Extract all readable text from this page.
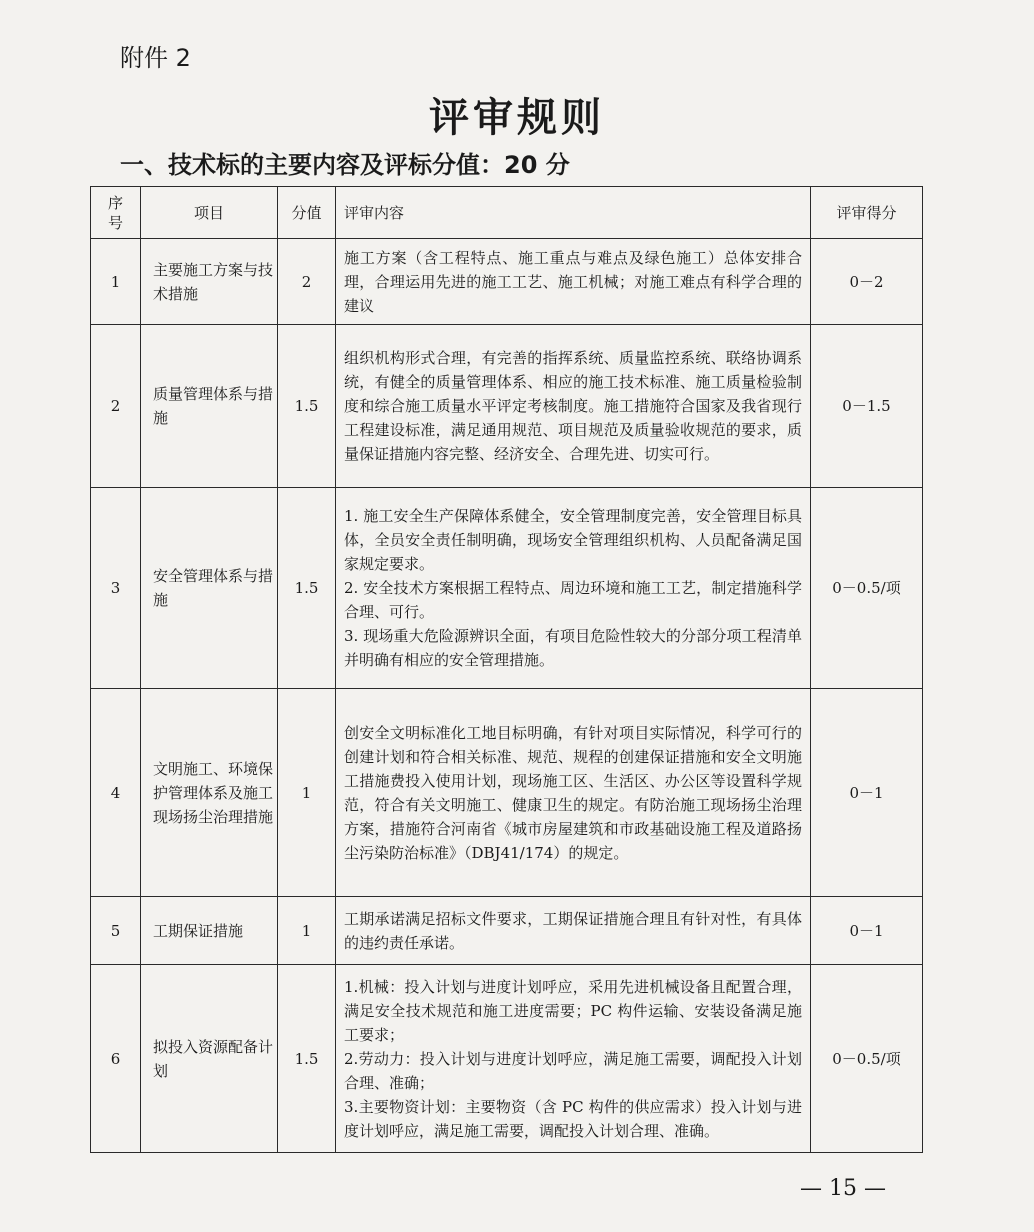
附件 2
评审规则
一、技术标的主要内容及评标分值：20 分
序号	项目	分值	评审内容	评审得分
1	主要施工方案与技术措施	2	施工方案（含工程特点、施工重点与难点及绿色施工）总体安排合理，合理运用先进的施工工艺、施工机械；对施工难点有科学合理的建议	0－2
2	质量管理体系与措施	1.5	组织机构形式合理，有完善的指挥系统、质量监控系统、联络协调系统，有健全的质量管理体系、相应的施工技术标准、施工质量检验制度和综合施工质量水平评定考核制度。施工措施符合国家及我省现行工程建设标准，满足通用规范、项目规范及质量验收规范的要求，质量保证措施内容完整、经济安全、合理先进、切实可行。	0－1.5
3	安全管理体系与措施	1.5	1. 施工安全生产保障体系健全，安全管理制度完善，安全管理目标具体，全员安全责任制明确，现场安全管理组织机构、人员配备满足国家规定要求。
2. 安全技术方案根据工程特点、周边环境和施工工艺，制定措施科学合理、可行。
3. 现场重大危险源辨识全面，有项目危险性较大的分部分项工程清单并明确有相应的安全管理措施。	0－0.5/项
4	文明施工、环境保护管理体系及施工现场扬尘治理措施	1	创安全文明标准化工地目标明确，有针对项目实际情况，科学可行的创建计划和符合相关标准、规范、规程的创建保证措施和安全文明施工措施费投入使用计划，现场施工区、生活区、办公区等设置科学规范，符合有关文明施工、健康卫生的规定。有防治施工现场扬尘治理方案，措施符合河南省《城市房屋建筑和市政基础设施工程及道路扬尘污染防治标准》（DBJ41/174）的规定。	0－1
5	工期保证措施	1	工期承诺满足招标文件要求，工期保证措施合理且有针对性，有具体的违约责任承诺。	0－1
6	拟投入资源配备计划	1.5	1.机械：投入计划与进度计划呼应，采用先进机械设备且配置合理，满足安全技术规范和施工进度需要；PC 构件运输、安装设备满足施工要求；
2.劳动力：投入计划与进度计划呼应，满足施工需要，调配投入计划合理、准确；
3.主要物资计划：主要物资（含 PC 构件的供应需求）投入计划与进度计划呼应，满足施工需要，调配投入计划合理、准确。	0－0.5/项
— 15 —
